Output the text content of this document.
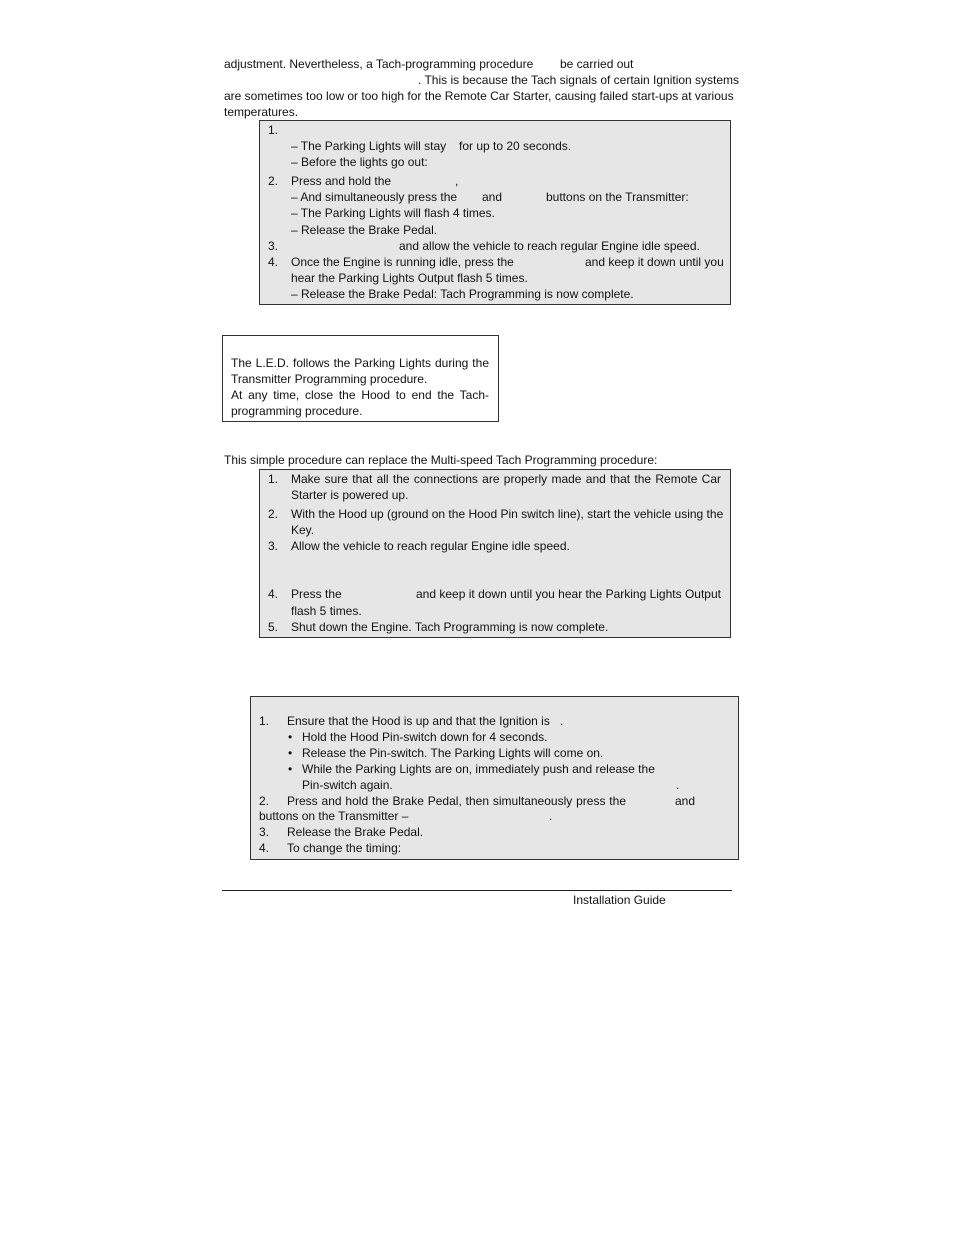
adjustment. Nevertheless, a Tach-programming procedure be carried out
. This is because the Tach signals of certain Ignition systems
are sometimes too low or too high for the Remote Car Starter, causing failed start-ups at various
temperatures.
1.
– The Parking Lights will stay for up to 20 seconds.
– Before the lights go out:
2. Press and hold the	,
– And simultaneously press the and	buttons on the Transmitter:
– The Parking Lights will flash 4 times.
– Release the Brake Pedal.
3.	and allow the vehicle to reach regular Engine idle speed.
4. Once the Engine is running idle, press the	and keep it down until you
hear the Parking Lights Output flash 5 times.
– Release the Brake Pedal: Tach Programming is now complete.
The L.E.D. follows the Parking Lights during the
Transmitter Programming procedure.
At any time, close the Hood to end the Tach-
programming procedure.
This simple procedure can replace the Multi-speed Tach Programming procedure:
1. Make sure that all the connections are properly made and that the Remote Car
Starter is powered up.
2. With the Hood up (ground on the Hood Pin switch line), start the vehicle using the
Key.
3. Allow the vehicle to reach regular Engine idle speed.
4. Press the	and keep it down until you hear the Parking Lights Output
flash 5 times.
5. Shut down the Engine. Tach Programming is now complete.
1. Ensure that the Hood is up and that the Ignition is .
• Hold the Hood Pin-switch down for 4 seconds.
• Release the Pin-switch. The Parking Lights will come on.
• While the Parking Lights are on, immediately push and release the
Pin-switch again.	.
2. Press and hold the Brake Pedal, then simultaneously press the	and
buttons on the Transmitter –	.
3. Release the Brake Pedal.
4. To change the timing:
Installation Guide
